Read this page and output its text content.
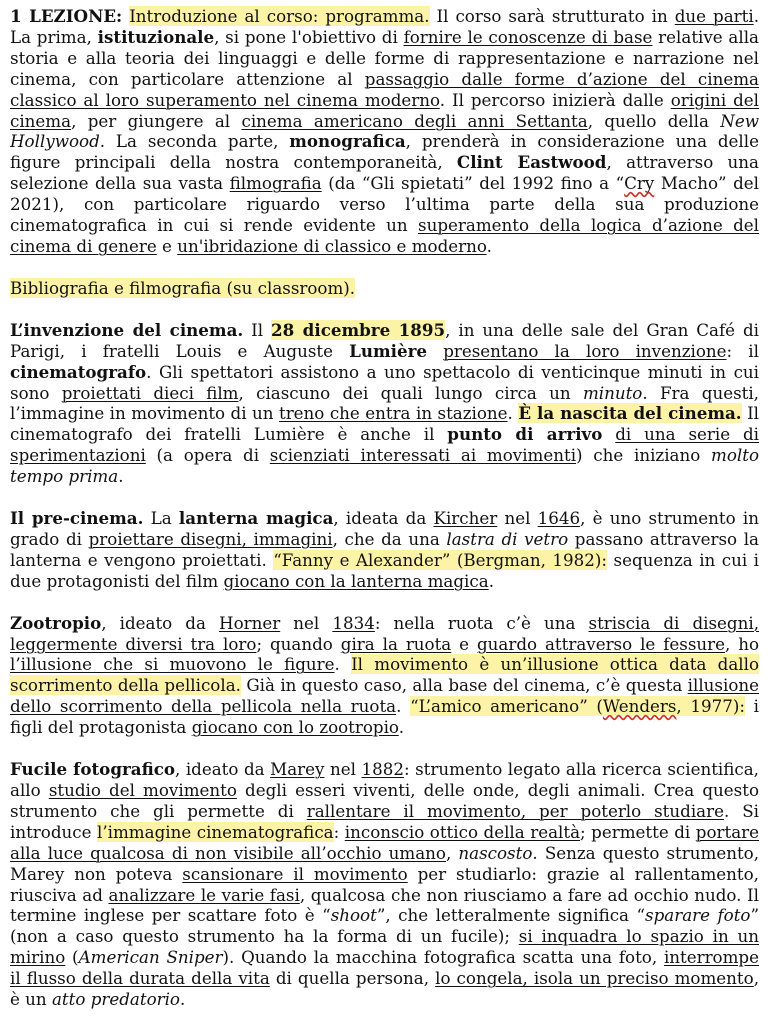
1 LEZIONE: Introduzione al corso: programma. Il corso sarà strutturato in due parti. La prima, istituzionale, si pone l'obiettivo di fornire le conoscenze di base relative alla storia e alla teoria dei linguaggi e delle forme di rappresentazione e narrazione nel cinema, con particolare attenzione al passaggio dalle forme d’azione del cinema classico al loro superamento nel cinema moderno. Il percorso inizierà dalle origini del cinema, per giungere al cinema americano degli anni Settanta, quello della New Hollywood. La seconda parte, monografica, prenderà in considerazione una delle figure principali della nostra contemporaneità, Clint Eastwood, attraverso una selezione della sua vasta filmografia (da “Gli spietati” del 1992 fino a “Cry Macho” del 2021), con particolare riguardo verso l’ultima parte della sua produzione cinematografica in cui si rende evidente un superamento della logica d’azione del cinema di genere e un'ibridazione di classico e moderno.

Bibliografia e filmografia (su classroom).

L’invenzione del cinema. Il 28 dicembre 1895, in una delle sale del Gran Café di Parigi, i fratelli Louis e Auguste Lumière presentano la loro invenzione: il cinematografo. Gli spettatori assistono a uno spettacolo di venticinque minuti in cui sono proiettati dieci film, ciascuno dei quali lungo circa un minuto. Fra questi, l’immagine in movimento di un treno che entra in stazione. È la nascita del cinema. Il cinematografo dei fratelli Lumière è anche il punto di arrivo di una serie di sperimentazioni (a opera di scienziati interessati ai movimenti) che iniziano molto tempo prima.

Il pre-cinema. La lanterna magica, ideata da Kircher nel 1646, è uno strumento in grado di proiettare disegni, immagini, che da una lastra di vetro passano attraverso la lanterna e vengono proiettati. “Fanny e Alexander” (Bergman, 1982): sequenza in cui i due protagonisti del film giocano con la lanterna magica.

Zootropio, ideato da Horner nel 1834: nella ruota c’è una striscia di disegni, leggermente diversi tra loro; quando gira la ruota e guardo attraverso le fessure, ho l’illusione che si muovono le figure. Il movimento è un’illusione ottica data dallo scorrimento della pellicola. Già in questo caso, alla base del cinema, c’è questa illusione dello scorrimento della pellicola nella ruota. “L’amico americano” (Wenders, 1977): i figli del protagonista giocano con lo zootropio.

Fucile fotografico, ideato da Marey nel 1882: strumento legato alla ricerca scientifica, allo studio del movimento degli esseri viventi, delle onde, degli animali. Crea questo strumento che gli permette di rallentare il movimento, per poterlo studiare. Si introduce l’immagine cinematografica: inconscio ottico della realtà; permette di portare alla luce qualcosa di non visibile all’occhio umano, nascosto. Senza questo strumento, Marey non poteva scansionare il movimento per studiarlo: grazie al rallentamento, riusciva ad analizzare le varie fasi, qualcosa che non riusciamo a fare ad occhio nudo. Il termine inglese per scattare foto è “shoot”, che letteralmente significa “sparare foto” (non a caso questo strumento ha la forma di un fucile); si inquadra lo spazio in un mirino (American Sniper). Quando la macchina fotografica scatta una foto, interrompe il flusso della durata della vita di quella persona, lo congela, isola un preciso momento, è un atto predatorio.
